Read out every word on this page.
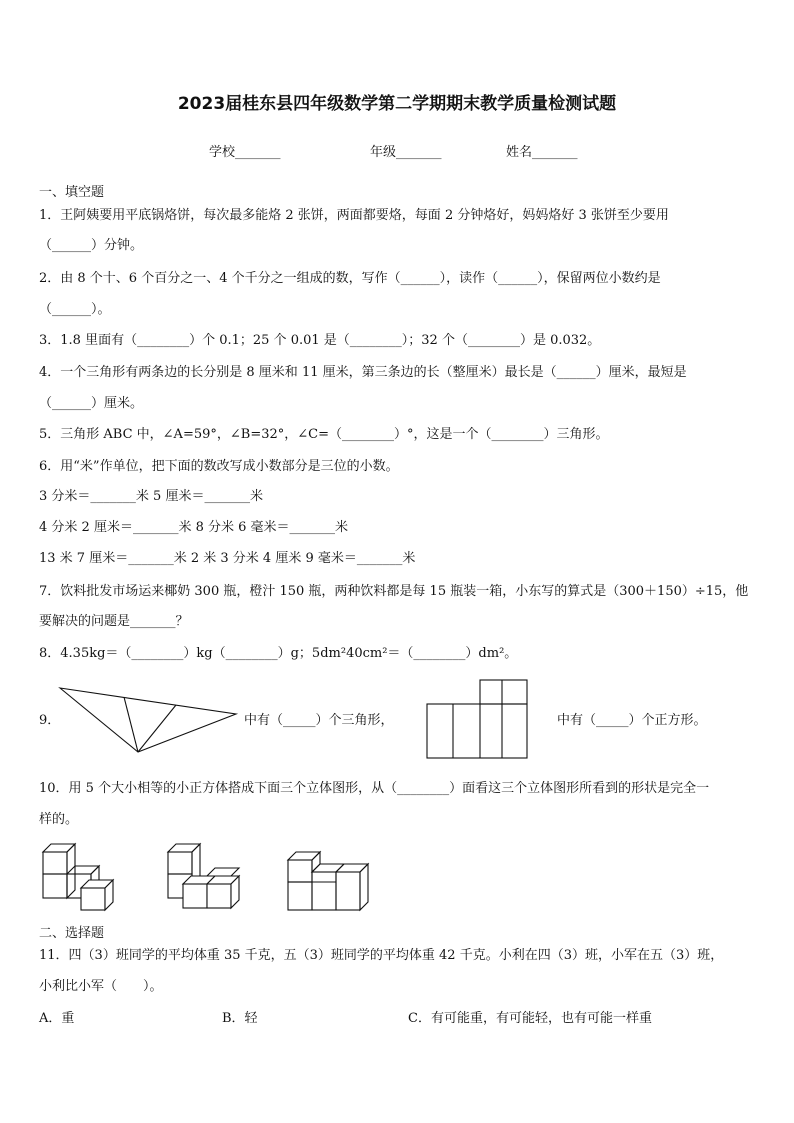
2023届桂东县四年级数学第二学期期末教学质量检测试题
学校_______	年级_______	姓名_______
一、填空题
1．王阿姨要用平底锅烙饼，每次最多能烙 2 张饼，两面都要烙，每面 2 分钟烙好，妈妈烙好 3 张饼至少要用
（______）分钟。
2．由 8 个十、6 个百分之一、4 个千分之一组成的数，写作（______），读作（______），保留两位小数约是
（______）。
3．1.8 里面有（________）个 0.1；25 个 0.01 是（________）；32 个（________）是 0.032。
4．一个三角形有两条边的长分别是 8 厘米和 11 厘米，第三条边的长（整厘米）最长是（______）厘米，最短是
（______）厘米。
5．三角形 ABC 中，∠A=59°，∠B=32°，∠C=（________）°，这是一个（________）三角形。
6．用“米”作单位，把下面的数改写成小数部分是三位的小数。
3 分米＝_______米 5 厘米＝_______米
4 分米 2 厘米＝_______米 8 分米 6 毫米＝_______米
13 米 7 厘米＝_______米 2 米 3 分米 4 厘米 9 毫米＝_______米
7．饮料批发市场运来椰奶 300 瓶，橙汁 150 瓶，两种饮料都是每 15 瓶装一箱，小东写的算式是（300＋150）÷15，他
要解决的问题是_______？
8．4.35kg＝（________）kg（________）g；5dm²40cm²＝（________）dm²。
9．	中有（_____）个三角形，	中有（_____）个正方形。
10．用 5 个大小相等的小正方体搭成下面三个立体图形，从（________）面看这三个立体图形所看到的形状是完全一
样的。
二、选择题
11．四（3）班同学的平均体重 35 千克，五（3）班同学的平均体重 42 千克。小利在四（3）班，小军在五（3）班，
小利比小军（　　）。
A．重	B．轻	C．有可能重，有可能轻，也有可能一样重
